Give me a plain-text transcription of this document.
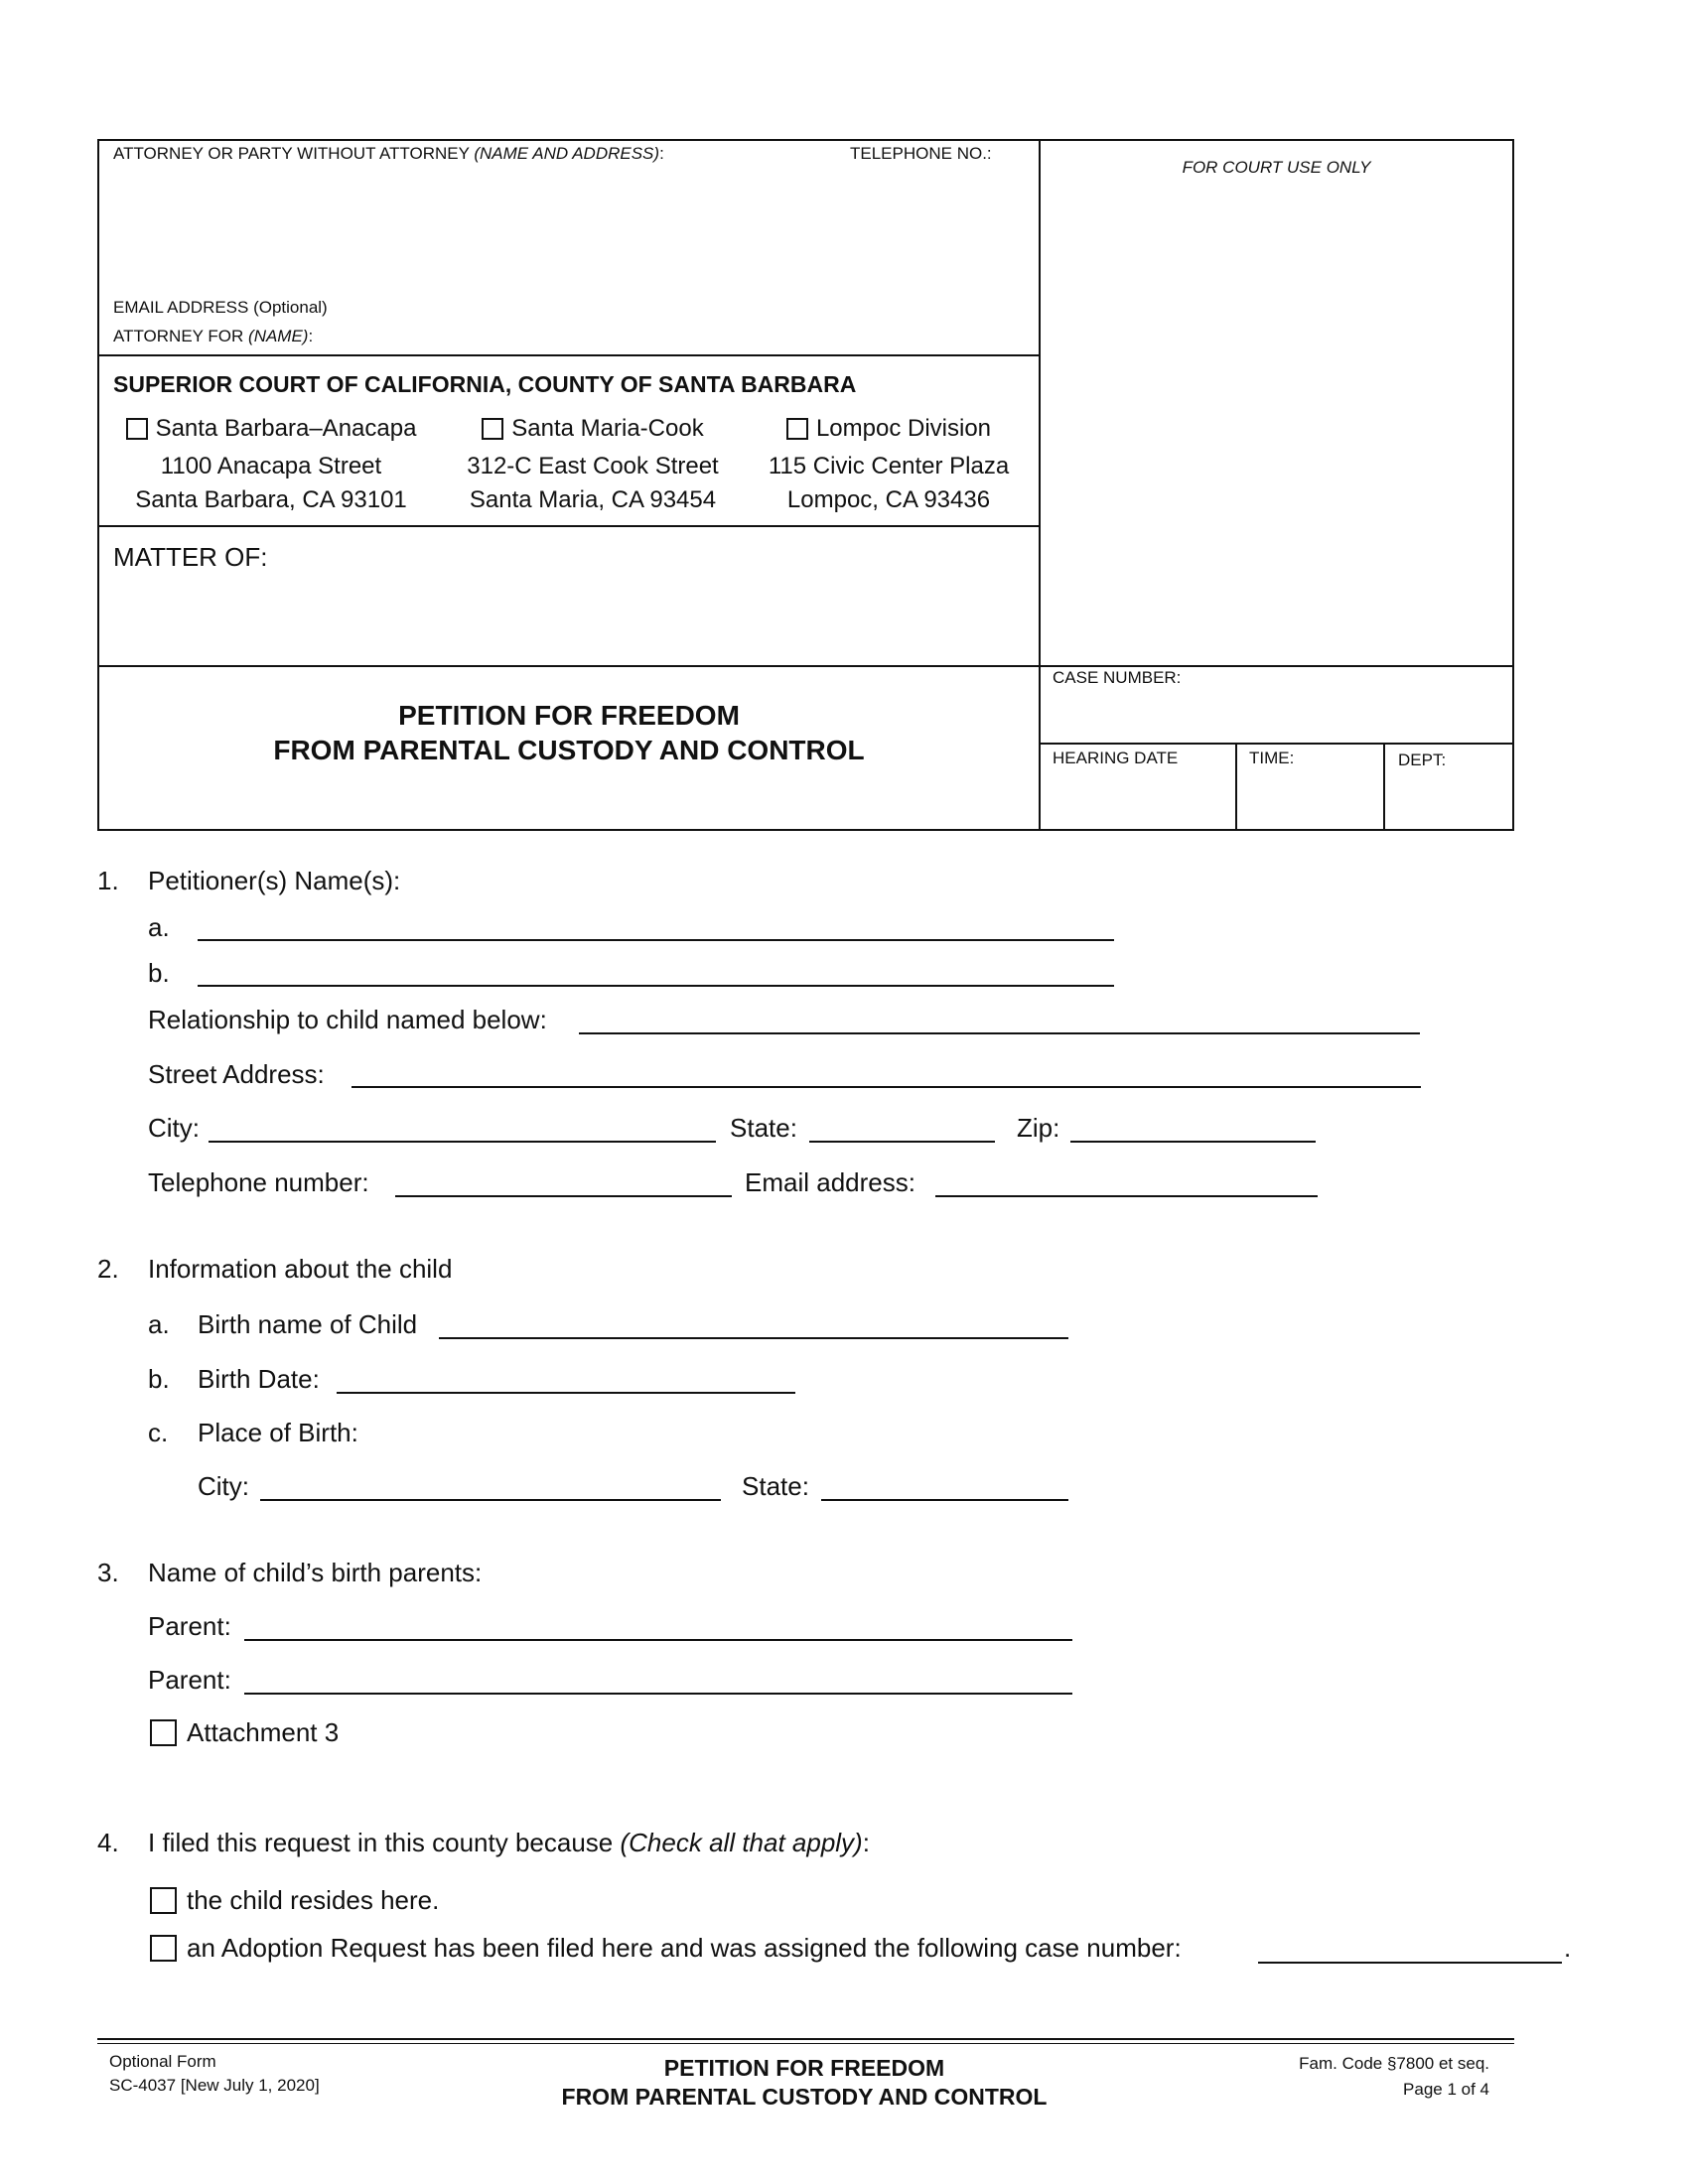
ATTORNEY OR PARTY WITHOUT ATTORNEY (NAME AND ADDRESS):	TELEPHONE NO.:
EMAIL ADDRESS (Optional)
ATTORNEY FOR (NAME):
FOR COURT USE ONLY
SUPERIOR COURT OF CALIFORNIA, COUNTY OF SANTA BARBARA
Santa Barbara–Anacapa
1100 Anacapa Street
Santa Barbara, CA 93101
Santa Maria-Cook
312-C East Cook Street
Santa Maria, CA 93454
Lompoc Division
115 Civic Center Plaza
Lompoc, CA 93436
MATTER OF:
PETITION FOR FREEDOM
FROM PARENTAL CUSTODY AND CONTROL
CASE NUMBER:
HEARING DATE	TIME:	DEPT:
1. Petitioner(s) Name(s):
a.
b.
Relationship to child named below:
Street Address:
City:	State:	Zip:
Telephone number:	Email address:
2. Information about the child
a. Birth name of Child
b. Birth Date:
c. Place of Birth:
City:	State:
3. Name of child’s birth parents:
Parent:
Parent:
Attachment 3
4. I filed this request in this county because (Check all that apply):
the child resides here.
an Adoption Request has been filed here and was assigned the following case number:	.
Optional Form
SC-4037 [New July 1, 2020]
PETITION FOR FREEDOM
FROM PARENTAL CUSTODY AND CONTROL
Fam. Code §7800 et seq.
Page 1 of 4
